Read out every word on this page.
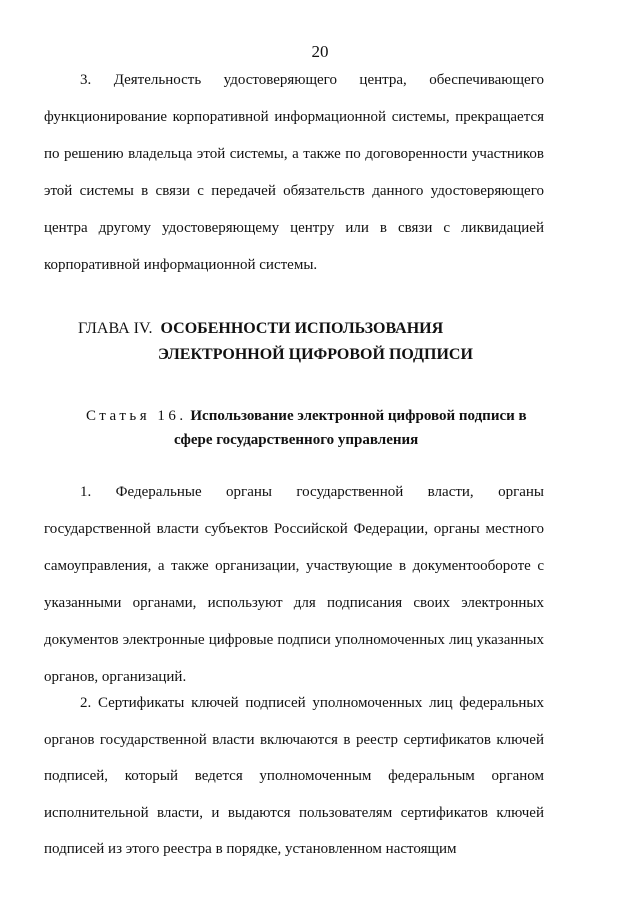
20
3. Деятельность удостоверяющего центра, обеспечивающего функционирование корпоративной информационной системы, прекращается по решению владельца этой системы, а также по договоренности участников этой системы в связи с передачей обязательств данного удостоверяющего центра другому удостоверяющему центру или в связи с ликвидацией корпоративной информационной системы.
ГЛАВА IV. ОСОБЕННОСТИ ИСПОЛЬЗОВАНИЯ
ЭЛЕКТРОННОЙ ЦИФРОВОЙ ПОДПИСИ
Статья 16. Использование электронной цифровой подписи в
сфере государственного управления
1. Федеральные органы государственной власти, органы государственной власти субъектов Российской Федерации, органы местного самоуправления, а также организации, участвующие в документообороте с указанными органами, используют для подписания своих электронных документов электронные цифровые подписи уполномоченных лиц указанных органов, организаций.
2. Сертификаты ключей подписей уполномоченных лиц федеральных органов государственной власти включаются в реестр сертификатов ключей подписей, который ведется уполномоченным федеральным органом исполнительной власти, и выдаются пользователям сертификатов ключей подписей из этого реестра в порядке, установленном настоящим
